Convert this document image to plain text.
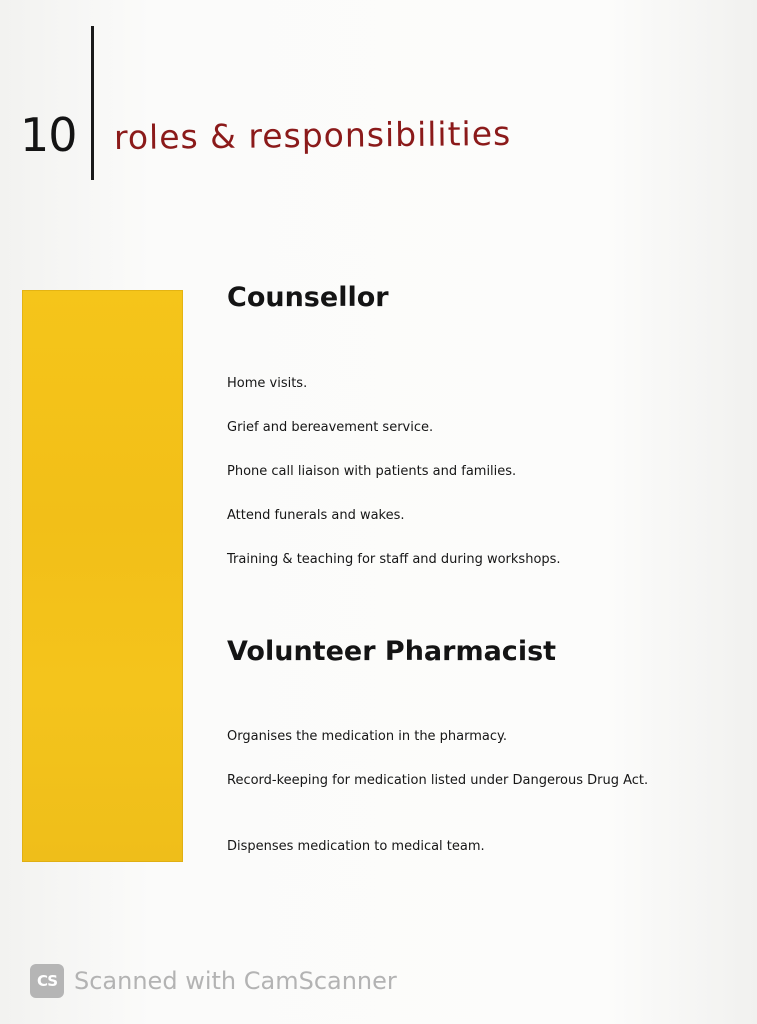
10 roles & responsibilities
Counsellor

Home visits.

Grief and bereavement service.

Phone call liaison with patients and families.

Attend funerals and wakes.

Training & teaching for staff and during workshops.

Volunteer Pharmacist

Organises the medication in the pharmacy.

Record-keeping for medication listed under Dangerous Drug Act.

Dispenses medication to medical team.

CS Scanned with CamScanner
